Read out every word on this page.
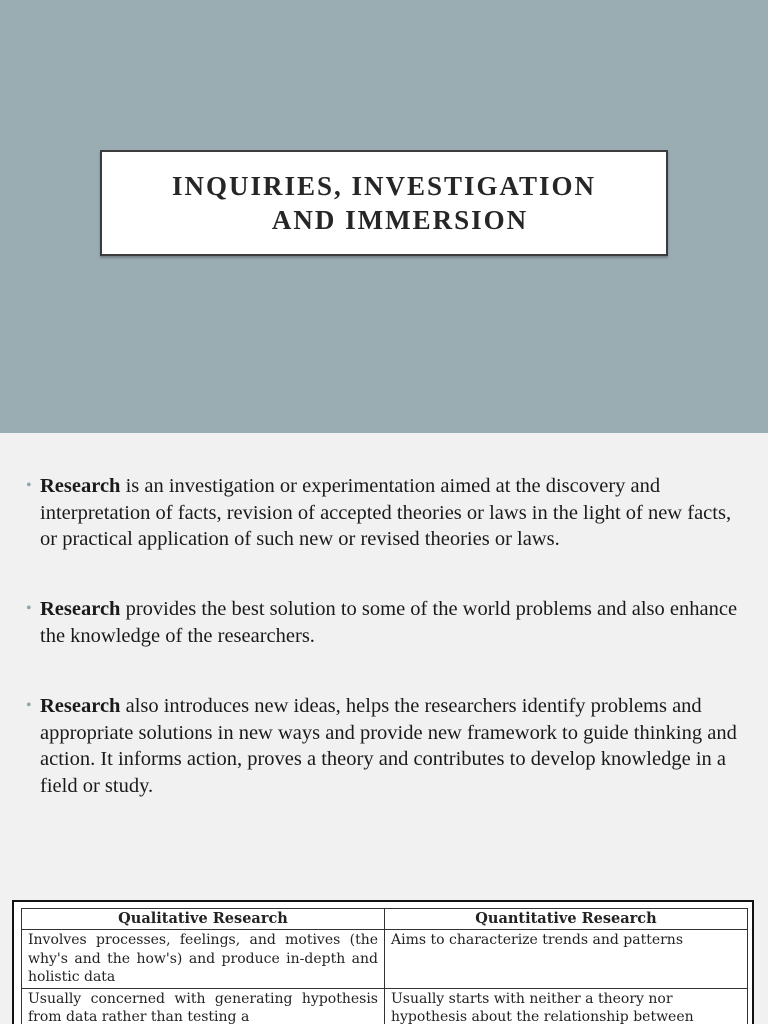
INQUIRIES, INVESTIGATION
AND IMMERSION
• Research is an investigation or experimentation aimed at the discovery and interpretation of facts, revision of accepted theories or laws in the light of new facts, or practical application of such new or revised theories or laws.
• Research provides the best solution to some of the world problems and also enhance the knowledge of the researchers.
• Research also introduces new ideas, helps the researchers identify problems and appropriate solutions in new ways and provide new framework to guide thinking and action. It informs action, proves a theory and contributes to develop knowledge in a field or study.
Qualitative Research	Quantitative Research
Involves processes, feelings, and motives (the why's and the how's) and produce in-depth and holistic data	Aims to characterize trends and patterns
Usually concerned with generating hypothesis from data rather than testing a	Usually starts with neither a theory nor hypothesis about the relationship between
